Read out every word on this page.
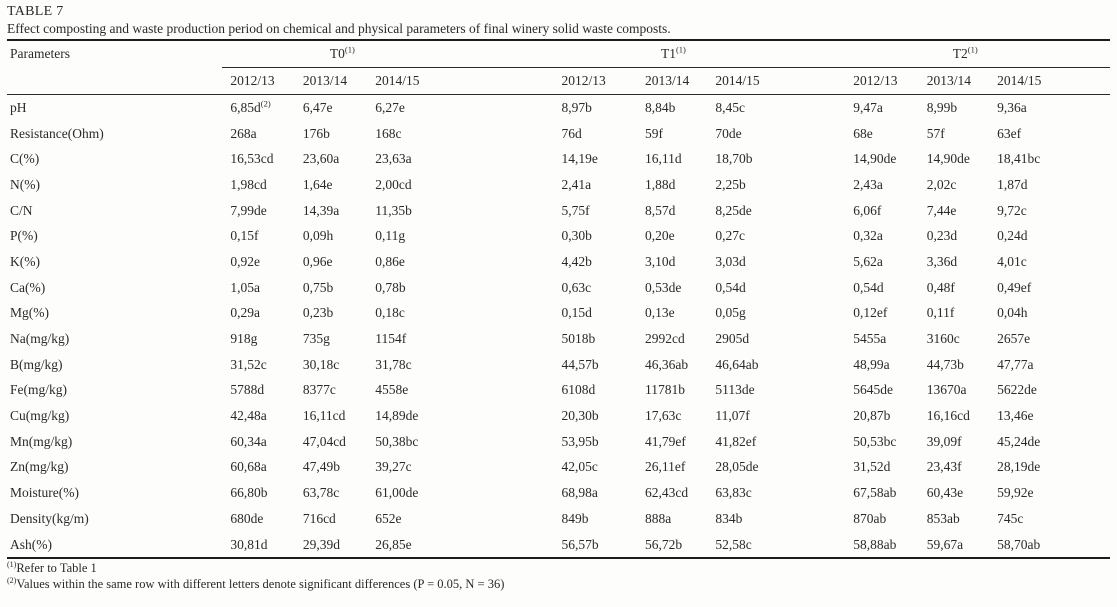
TABLE 7
Effect composting and waste production period on chemical and physical parameters of final winery solid waste composts.
Parameters	T0$^{(1)}$			T1$^{(1)}$			T2$^{(1)}$
	2012/13	2013/14	2014/15	2012/13	2013/14	2014/15	2012/13	2013/14	2014/15
pH	$6,85d^{(2)}$	6,47e	6,27e	8,97b	8,84b	8,45c	9,47a	8,99b	9,36a
Resistance(Ohm)	268a	176b	168c	76d	59f	70de	68e	57f	63ef
C(%)	16,53cd	23,60a	23,63a	14,19e	16,11d	18,70b	14,90de	14,90de	18,41bc
N(%)	1,98cd	1,64e	2,00cd	2,41a	1,88d	2,25b	2,43a	2,02c	1,87d
C/N	7,99de	14,39a	11,35b	5,75f	8,57d	8,25de	6,06f	7,44e	9,72c
P(%)	0,15f	0,09h	0,11g	0,30b	0,20e	0,27c	0,32a	0,23d	0,24d
K(%)	0,92e	0,96e	0,86e	4,42b	3,10d	3,03d	5,62a	3,36d	4,01c
Ca(%)	1,05a	0,75b	0,78b	0,63c	0,53de	0,54d	0,54d	0,48f	0,49ef
Mg(%)	0,29a	0,23b	0,18c	0,15d	0,13e	0,05g	0,12ef	0,11f	0,04h
Na(mg/kg)	918g	735g	1154f	5018b	2992cd	2905d	5455a	3160c	2657e
B(mg/kg)	31,52c	30,18c	31,78c	44,57b	46,36ab	46,64ab	48,99a	44,73b	47,77a
Fe(mg/kg)	5788d	8377c	4558e	6108d	11781b	5113de	5645de	13670a	5622de
Cu(mg/kg)	42,48a	16,11cd	14,89de	20,30b	17,63c	11,07f	20,87b	16,16cd	13,46e
Mn(mg/kg)	60,34a	47,04cd	50,38bc	53,95b	41,79ef	41,82ef	50,53bc	39,09f	45,24de
Zn(mg/kg)	60,68a	47,49b	39,27c	42,05c	26,11ef	28,05de	31,52d	23,43f	28,19de
Moisture(%)	66,80b	63,78c	61,00de	68,98a	62,43cd	63,83c	67,58ab	60,43e	59,92e
Density(kg/m)	680de	716cd	652e	849b	888a	834b	870ab	853ab	745c
Ash(%)	30,81d	29,39d	26,85e	56,57b	56,72b	52,58c	58,88ab	59,67a	58,70ab
$^{(1)}$Refer to Table 1
$^{(2)}$Values within the same row with different letters denote significant differences (P = 0.05, N = 36)
